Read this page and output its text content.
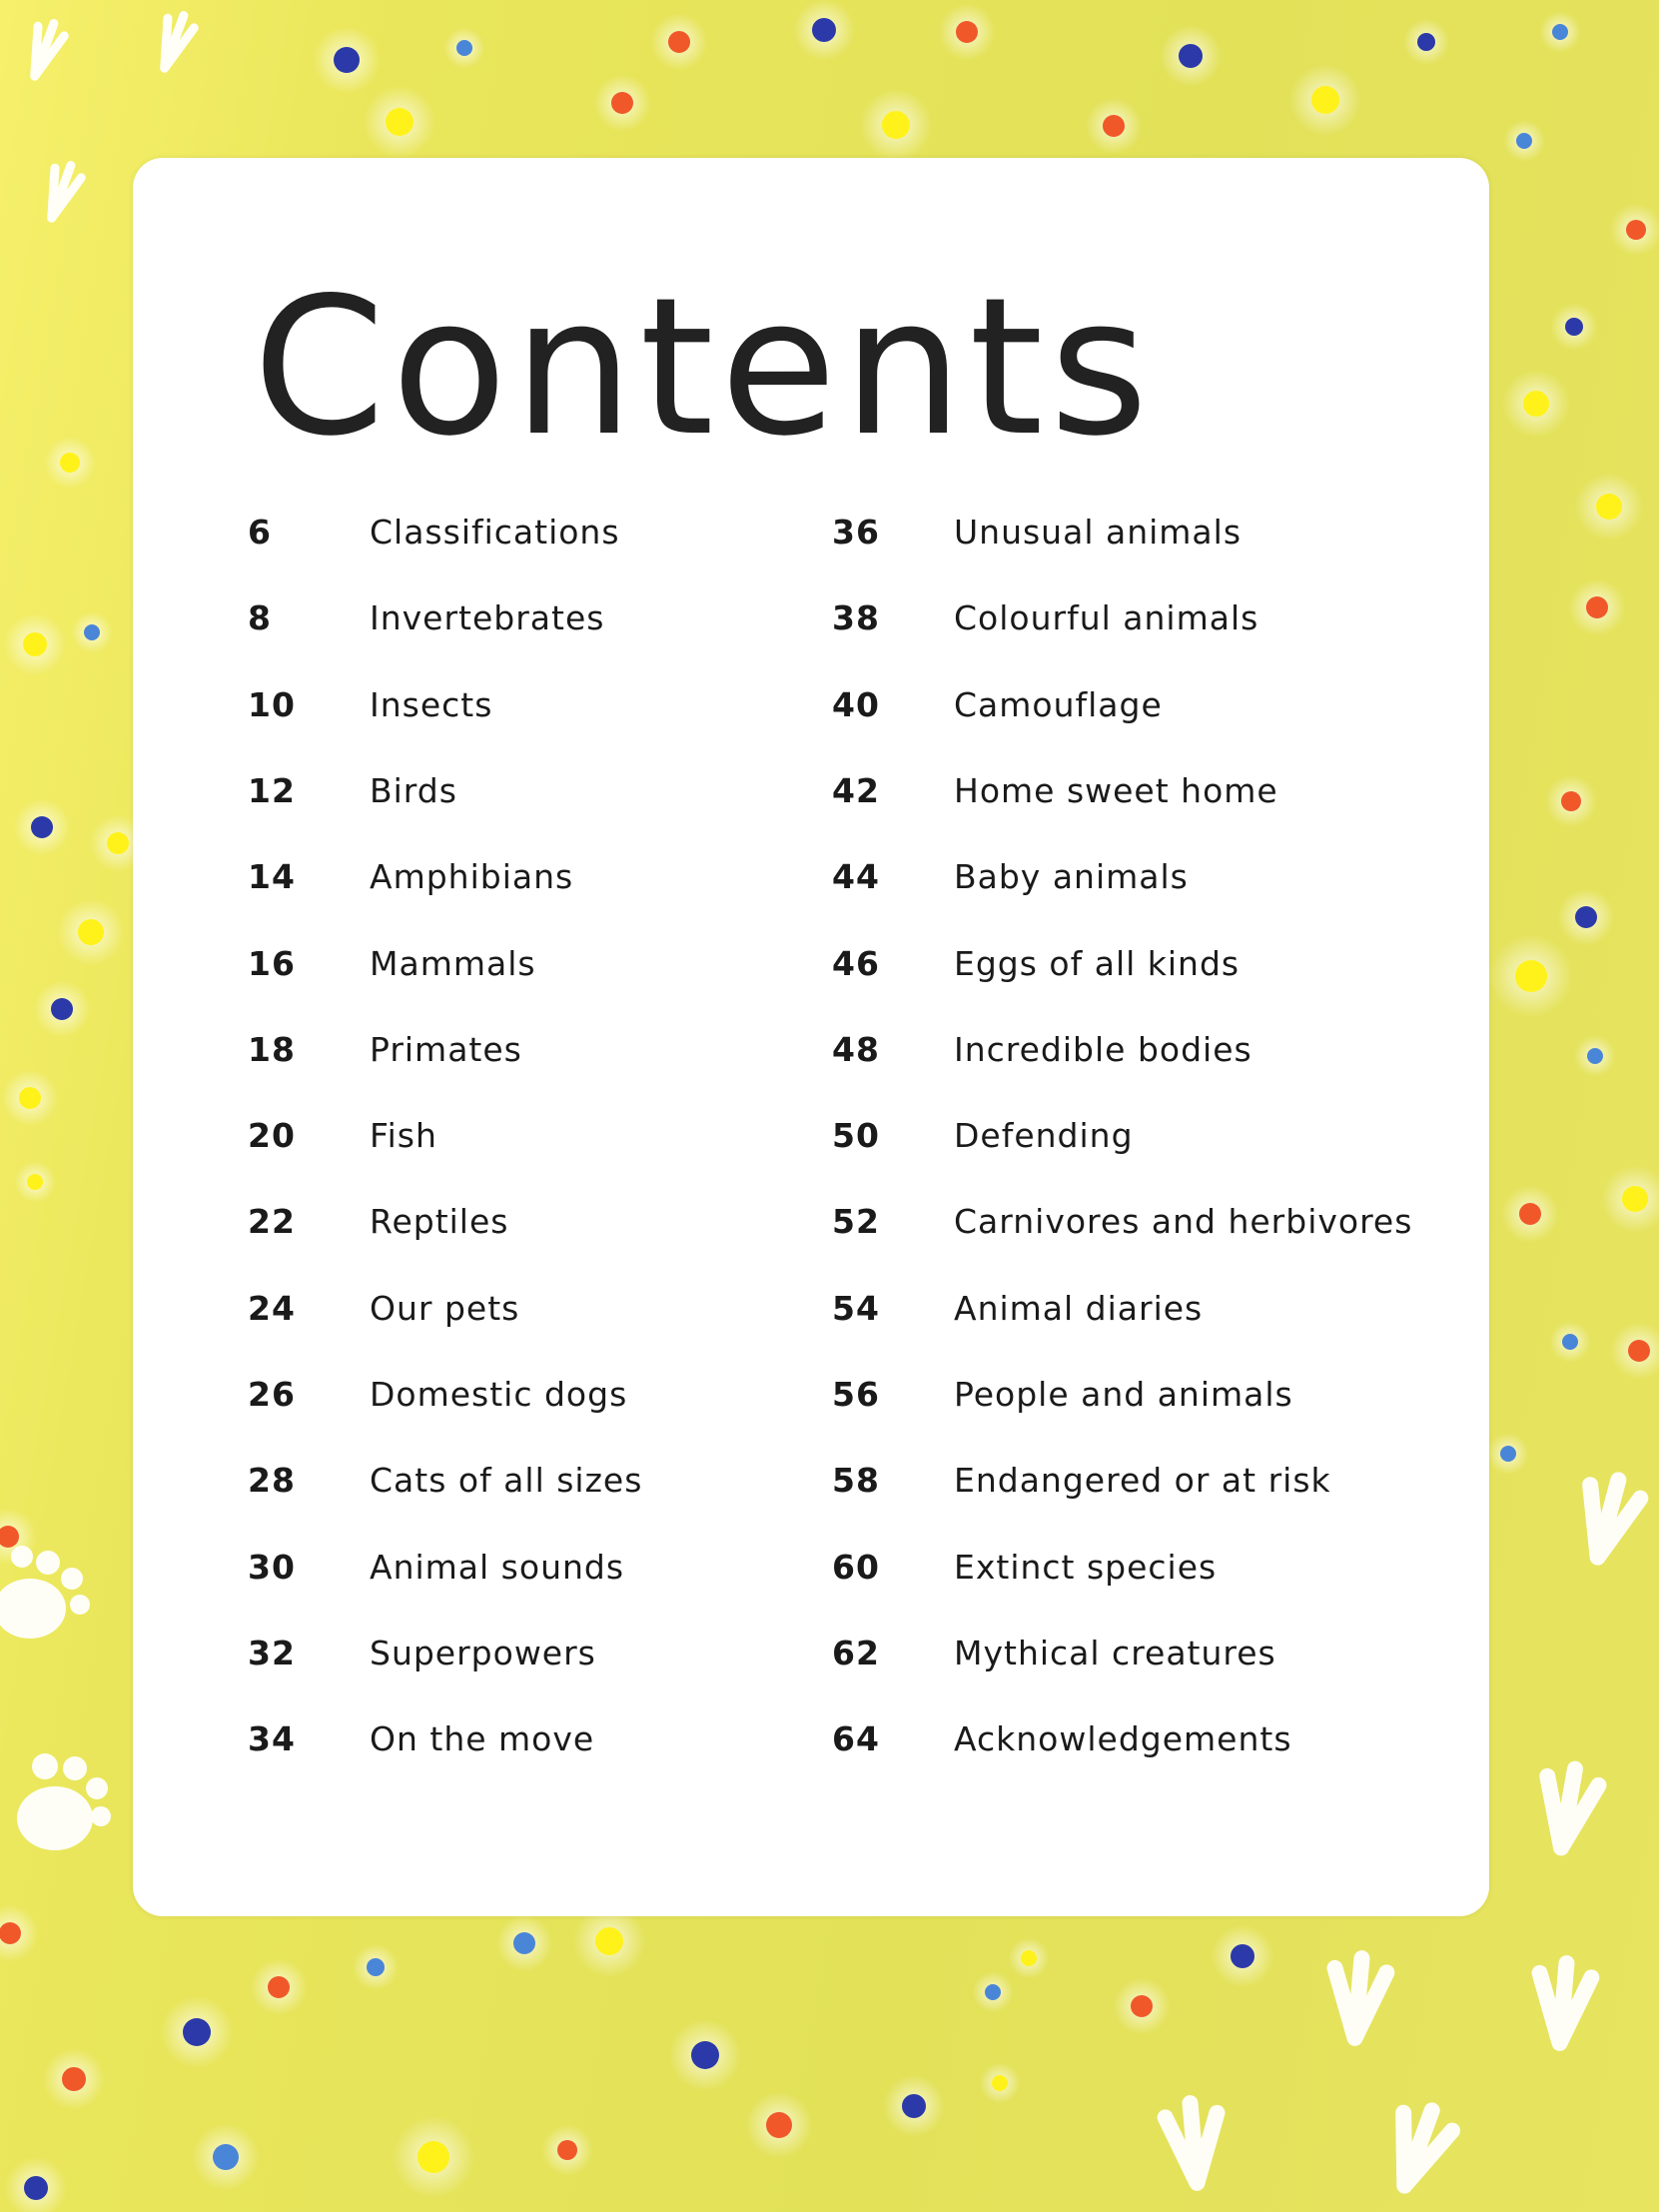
Contents
6	Classifications
8	Invertebrates
10 Insects
12 Birds
14 Amphibians
16 Mammals
18 Primates
20 Fish
22 Reptiles
24 Our pets
26 Domestic dogs
28 Cats of all sizes
30 Animal sounds
32 Superpowers
34 On the move
36 Unusual animals
38 Colourful animals
40 Camouflage
42 Home sweet home
44 Baby animals
46 Eggs of all kinds
48 Incredible bodies
50 Defending
52 Carnivores and herbivores
54 Animal diaries
56 People and animals
58 Endangered or at risk
60 Extinct species
62 Mythical creatures
64 Acknowledgements
